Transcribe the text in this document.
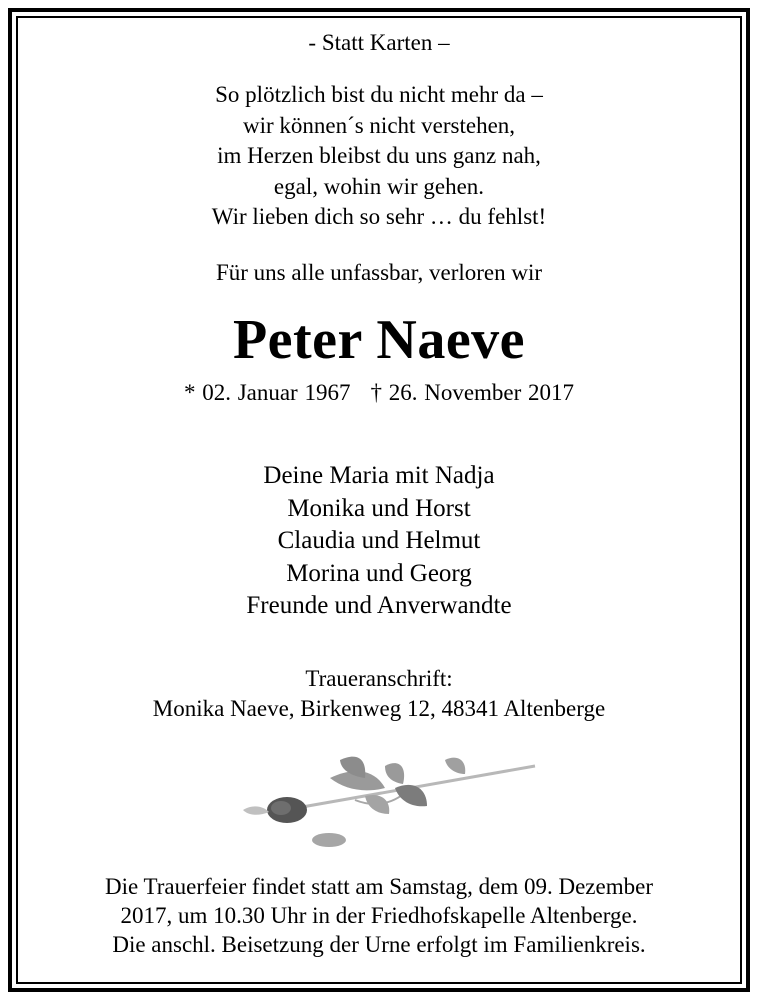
- Statt Karten –
So plötzlich bist du nicht mehr da –
wir können´s nicht verstehen,
im Herzen bleibst du uns ganz nah,
egal, wohin wir gehen.
Wir lieben dich so sehr … du fehlst!
Für uns alle unfassbar, verloren wir
Peter Naeve
* 02. Januar 1967 † 26. November 2017
Deine Maria mit Nadja
Monika und Horst
Claudia und Helmut
Morina und Georg
Freunde und Anverwandte
Traueranschrift:
Monika Naeve, Birkenweg 12, 48341 Altenberge
Die Trauerfeier findet statt am Samstag, dem 09. Dezember
2017, um 10.30 Uhr in der Friedhofskapelle Altenberge.
Die anschl. Beisetzung der Urne erfolgt im Familienkreis.
